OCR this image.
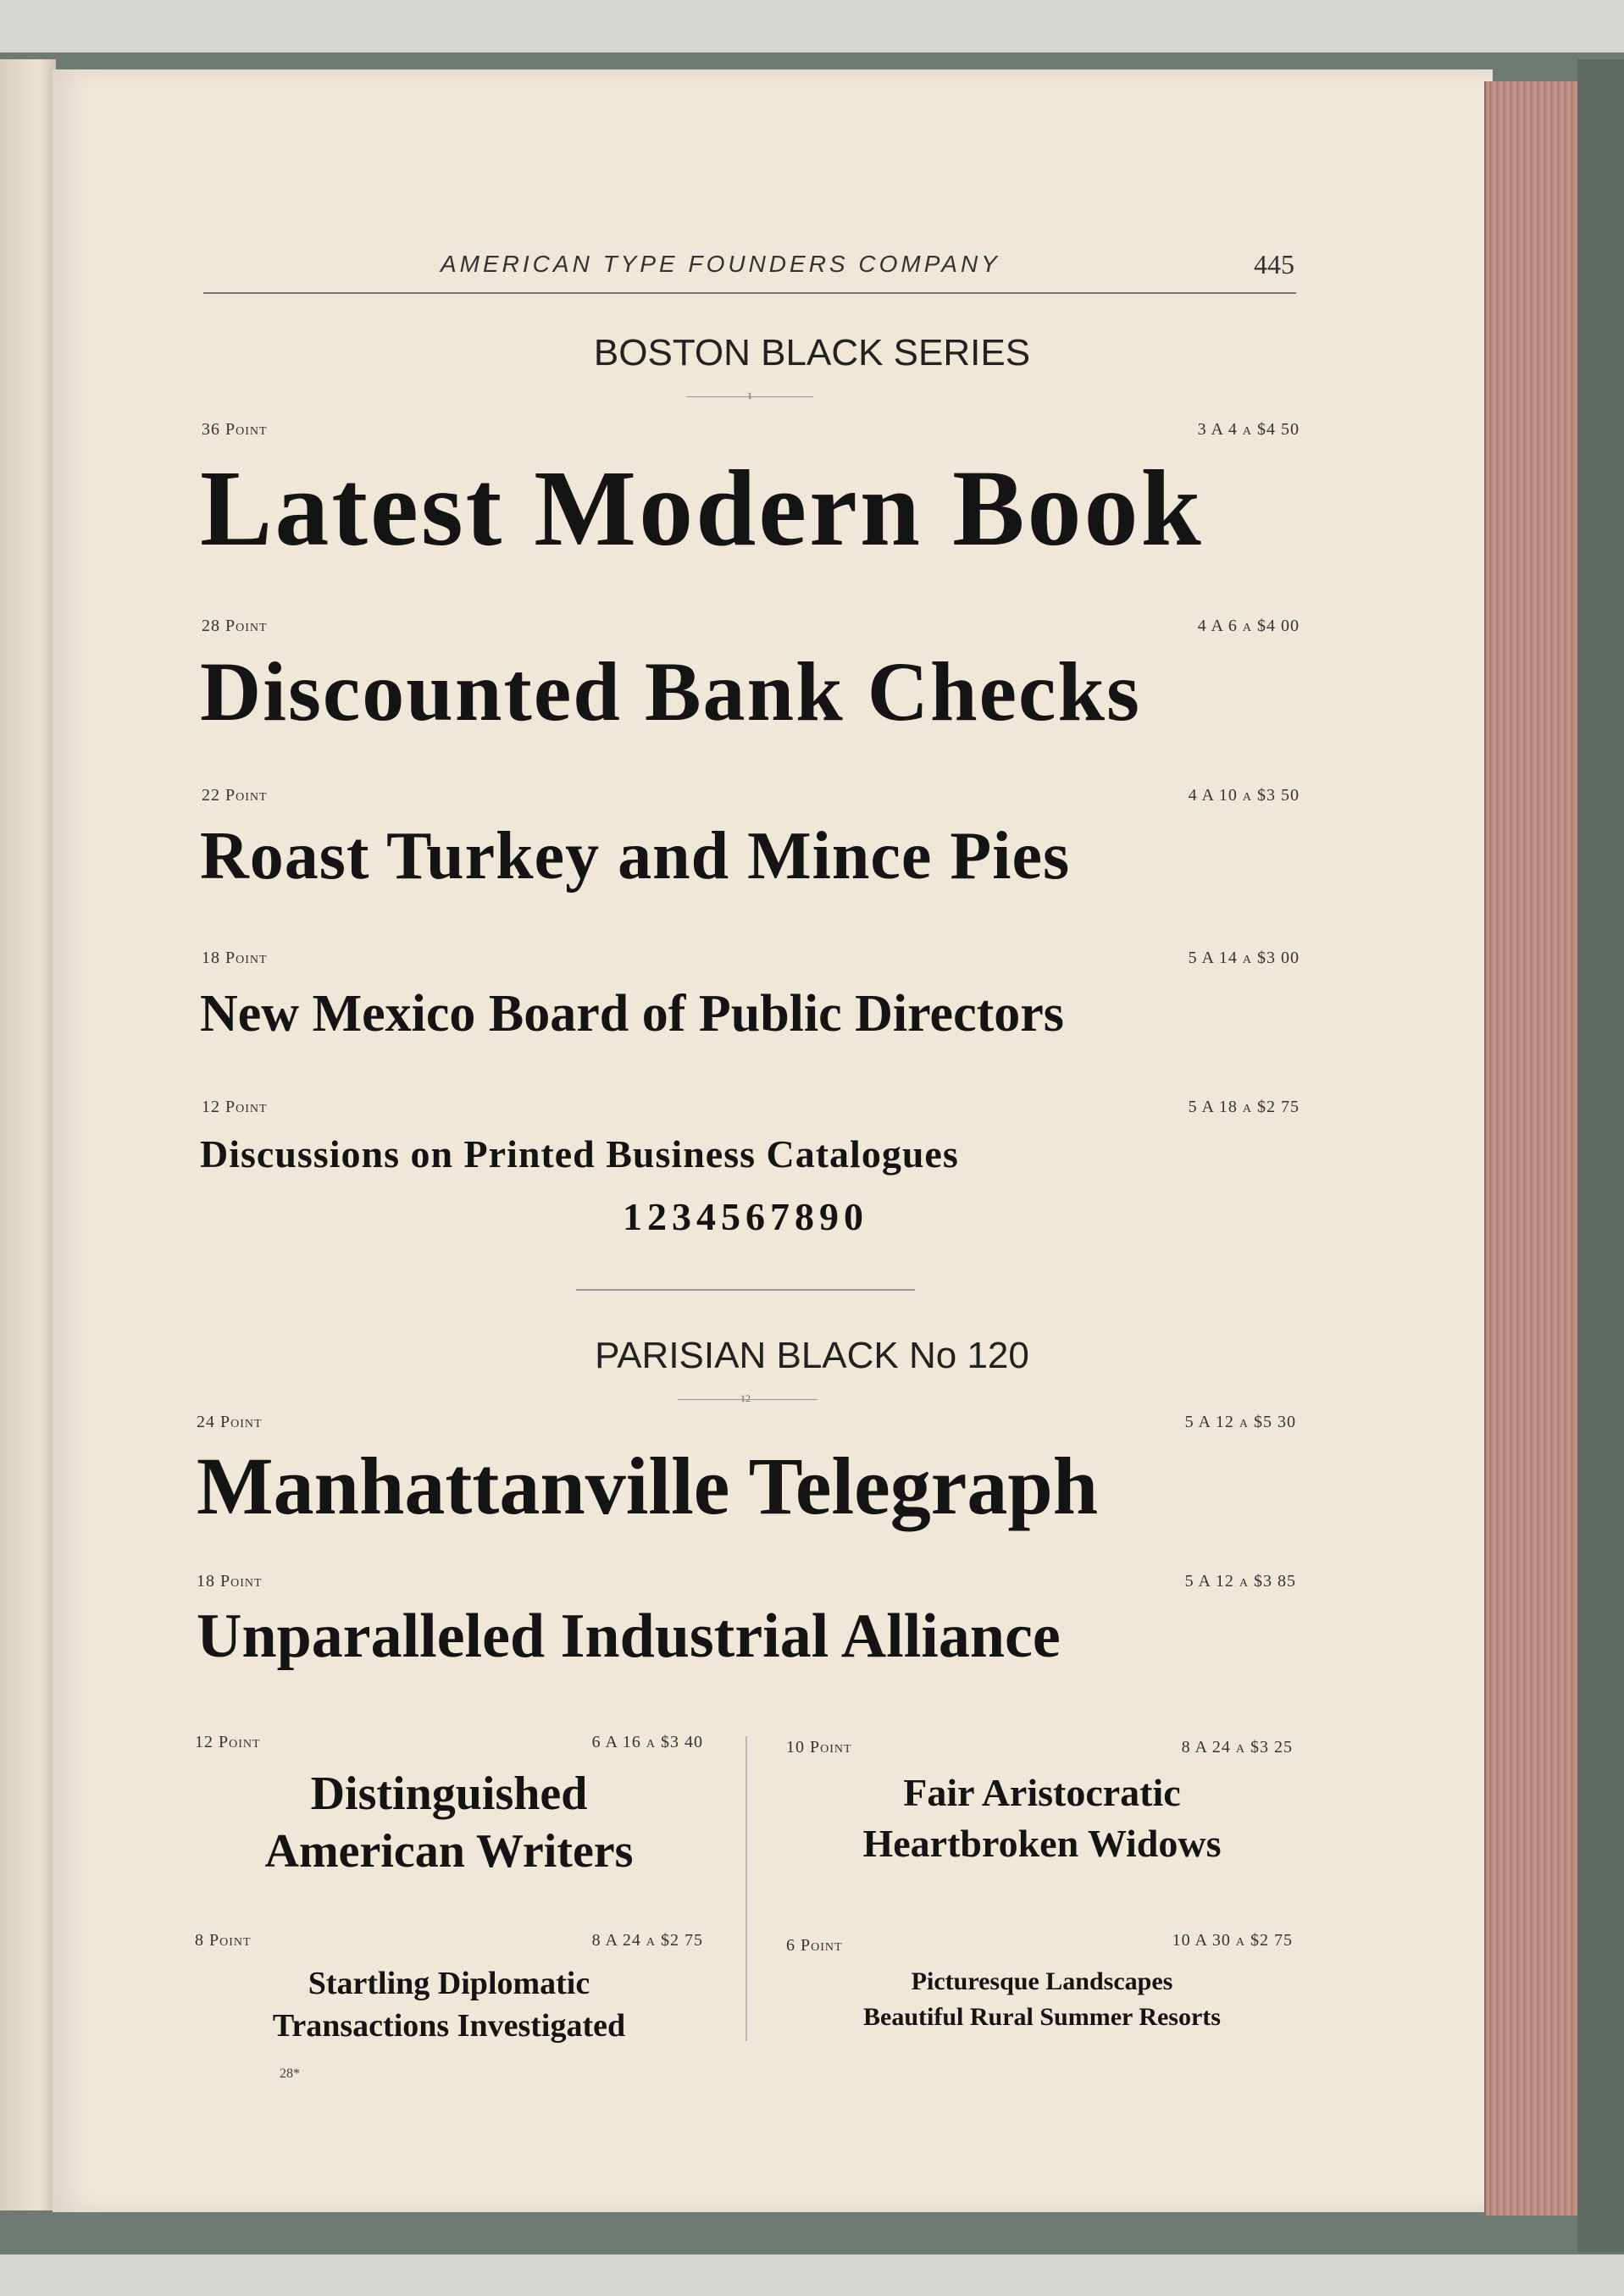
AMERICAN TYPE FOUNDERS COMPANY	445
BOSTON BLACK SERIES
1
36 Point	3 A 4 a $4 50
Latest Modern Book
28 Point	4 A 6 a $4 00
Discounted Bank Checks
22 Point	4 A 10 a $3 50
Roast Turkey and Mince Pies
18 Point	5 A 14 a $3 00
New Mexico Board of Public Directors
12 Point	5 A 18 a $2 75
Discussions on Printed Business Catalogues
1234567890
PARISIAN BLACK No 120
12
24 Point	5 A 12 a $5 30
Manhattanville Telegraph
18 Point	5 A 12 a $3 85
Unparalleled Industrial Alliance
12 Point	6 A 16 a $3 40
Distinguished
American Writers
8 Point	8 A 24 a $2 75
Startling Diplomatic
Transactions Investigated
10 Point	8 A 24 a $3 25
Fair Aristocratic
Heartbroken Widows
6 Point	10 A 30 a $2 75
Picturesque Landscapes
Beautiful Rural Summer Resorts
28*
